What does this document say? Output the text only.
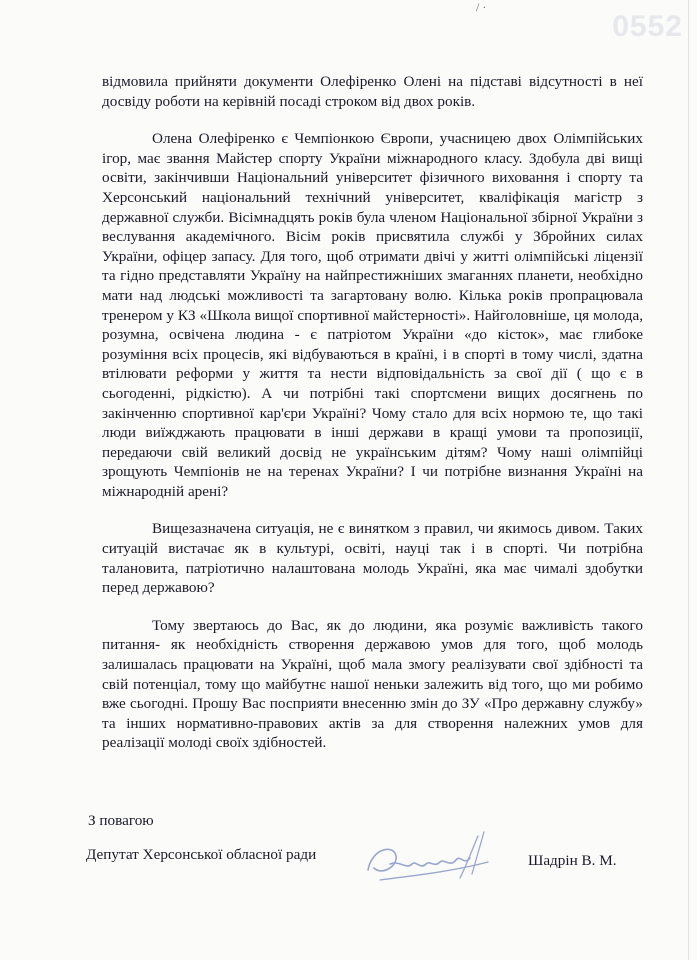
0552
/ ·

відмовила прийняти документи Олефіренко Олені на підставі відсутності в неї досвіду роботи на керівній посаді строком від двох років.

Олена Олефіренко є Чемпіонкою Європи, учасницею двох Олімпійських ігор, має звання Майстер спорту України міжнародного класу. Здобула дві вищі освіти, закінчивши Національний університет фізичного виховання і спорту та Херсонський національний технічний університет, кваліфікація магістр з державної служби. Вісімнадцять років була членом Національної збірної України з веслування академічного. Вісім років присвятила службі у Збройних силах України, офіцер запасу. Для того, щоб отримати двічі у житті олімпійські ліцензії та гідно представляти Україну на найпрестижніших змаганнях планети, необхідно мати над людські можливості та загартовану волю. Кілька років пропрацювала тренером у КЗ «Школа вищої спортивної майстерності». Найголовніше, ця молода, розумна, освічена людина - є патріотом України «до кісток», має глибоке розуміння всіх процесів, які відбуваються в країні, і в спорті в тому числі, здатна втілювати реформи у життя та нести відповідальність за свої дії ( що є в сьогоденні, рідкістю). А чи потрібні такі спортсмени вищих досягнень по закінченню спортивної кар'єри Україні? Чому стало для всіх нормою те, що такі люди виїжджають працювати в інші держави в кращі умови та пропозиції, передаючи свій великий досвід не українським дітям? Чому наші олімпійці зрощують Чемпіонів не на теренах України? І чи потрібне визнання Україні на міжнародній арені?

Вищезазначена ситуація, не є винятком з правил, чи якимось дивом. Таких ситуацій вистачає як в культурі, освіті, науці так і в спорті. Чи потрібна талановита, патріотично налаштована молодь Україні, яка має чималі здобутки перед державою?

Тому звертаюсь до Вас, як до людини, яка розуміє важливість такого питання- як необхідність створення державою умов для того, щоб молодь залишалась працювати на Україні, щоб мала змогу реалізувати свої здібності та свій потенціал, тому що майбутнє нашої неньки залежить від того, що ми робимо вже сьогодні. Прошу Вас посприяти внесенню змін до ЗУ «Про державну службу» та інших нормативно-правових актів за для створення належних умов для реалізації молоді своїх здібностей.

З повагою
Депутат Херсонської обласної ради	Шадрін В. М.
